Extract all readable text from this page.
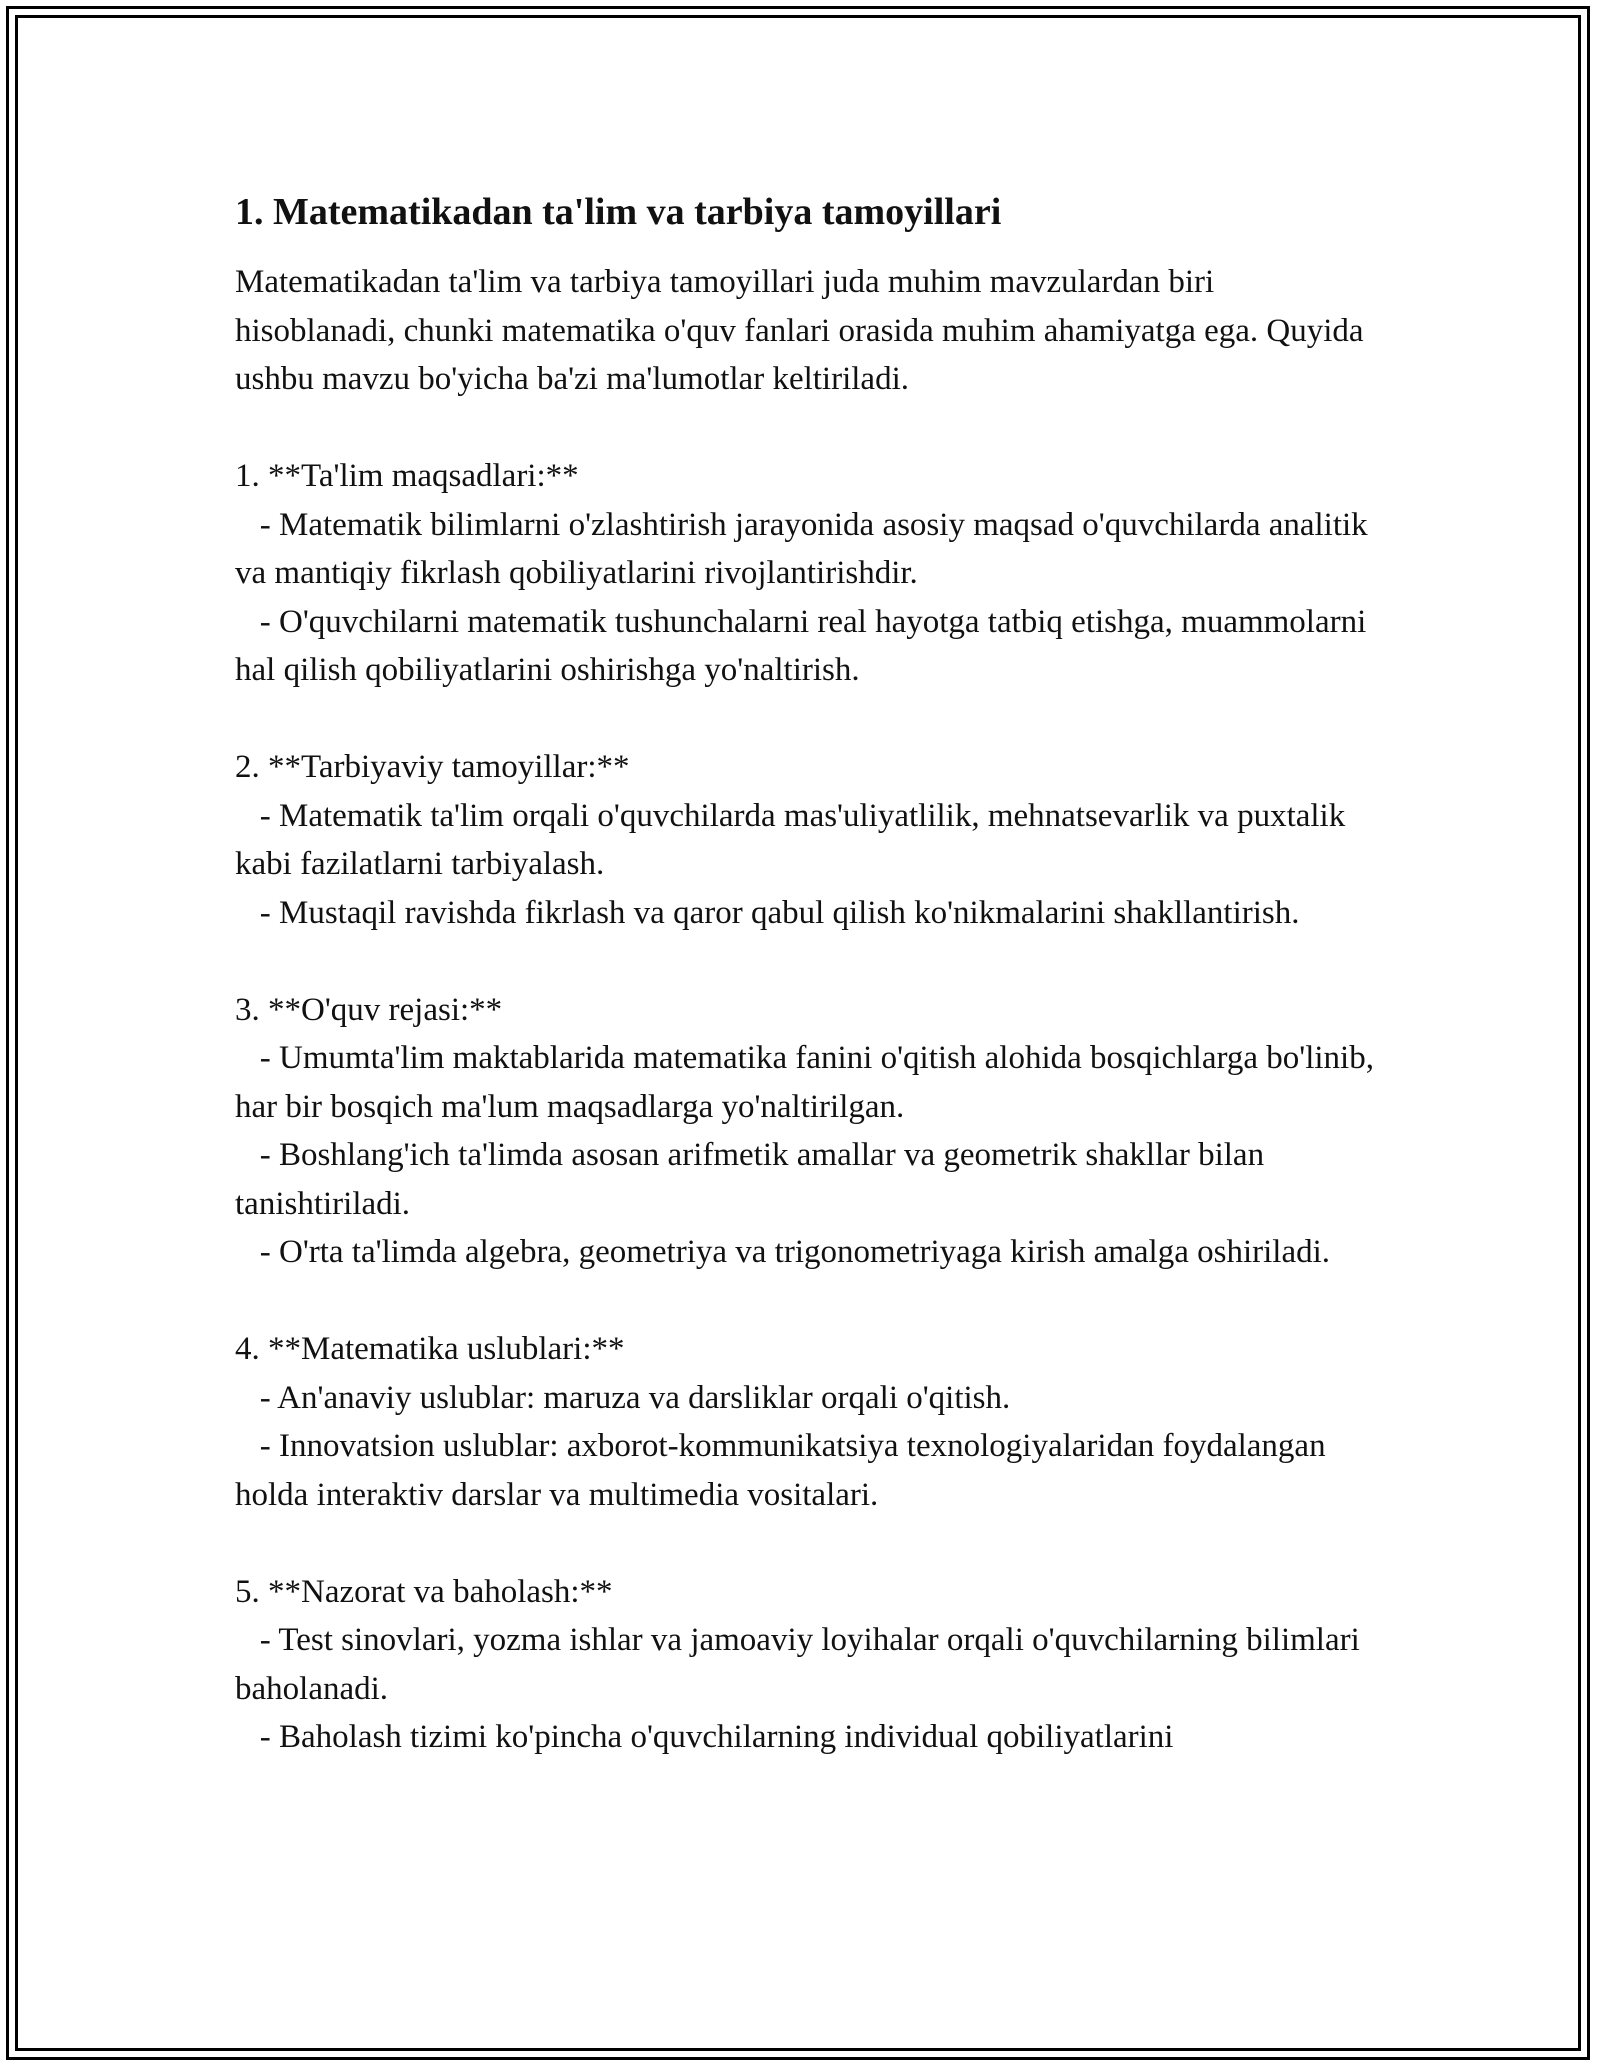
1. Matematikadan ta'lim va tarbiya tamoyillari

Matematikadan ta'lim va tarbiya tamoyillari juda muhim mavzulardan biri hisoblanadi, chunki matematika o'quv fanlari orasida muhim ahamiyatga ega. Quyida ushbu mavzu bo'yicha ba'zi ma'lumotlar keltiriladi.

1. **Ta'lim maqsadlari:**

- Matematik bilimlarni o'zlashtirish jarayonida asosiy maqsad o'quvchilarda analitik va mantiqiy fikrlash qobiliyatlarini rivojlantirishdir.

- O'quvchilarni matematik tushunchalarni real hayotga tatbiq etishga, muammolarni hal qilish qobiliyatlarini oshirishga yo'naltirish.

2. **Tarbiyaviy tamoyillar:**

- Matematik ta'lim orqali o'quvchilarda mas'uliyatlilik, mehnatsevarlik va puxtalik kabi fazilatlarni tarbiyalash.

- Mustaqil ravishda fikrlash va qaror qabul qilish ko'nikmalarini shakllantirish.

3. **O'quv rejasi:**

- Umumta'lim maktablarida matematika fanini o'qitish alohida bosqichlarga bo'linib, har bir bosqich ma'lum maqsadlarga yo'naltirilgan.

- Boshlang'ich ta'limda asosan arifmetik amallar va geometrik shakllar bilan tanishtiriladi.

- O'rta ta'limda algebra, geometriya va trigonometriyaga kirish amalga oshiriladi.

4. **Matematika uslublari:**

- An'anaviy uslublar: maruza va darsliklar orqali o'qitish.

- Innovatsion uslublar: axborot-kommunikatsiya texnologiyalaridan foydalangan holda interaktiv darslar va multimedia vositalari.

5. **Nazorat va baholash:**

- Test sinovlari, yozma ishlar va jamoaviy loyihalar orqali o'quvchilarning bilimlari baholanadi.

- Baholash tizimi ko'pincha o'quvchilarning individual qobiliyatlarini
